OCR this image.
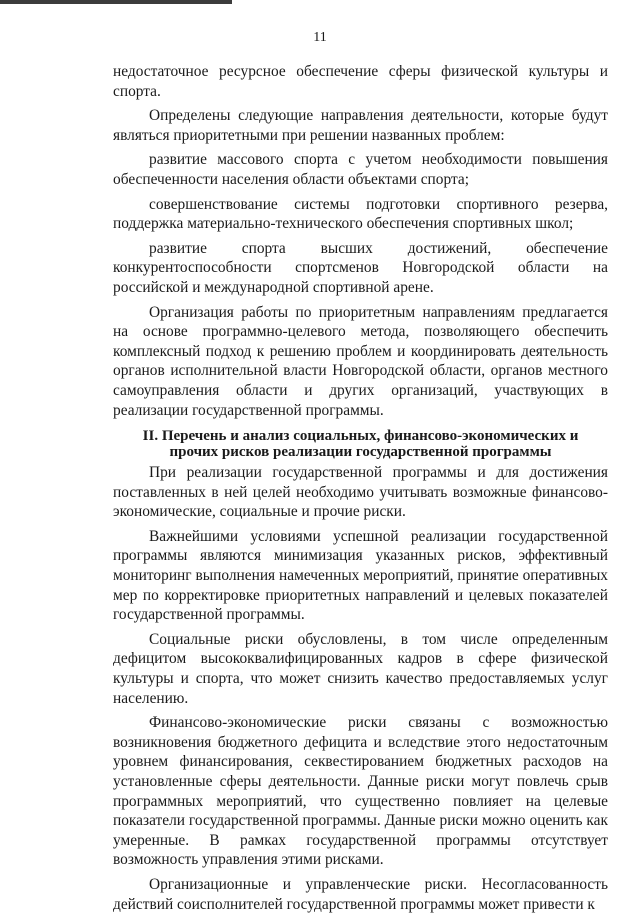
11

недостаточное ресурсное обеспечение сферы физической культуры и спорта.

Определены следующие направления деятельности, которые будут являться приоритетными при решении названных проблем:

развитие массового спорта с учетом необходимости повышения обеспеченности населения области объектами спорта;

совершенствование системы подготовки спортивного резерва, поддержка материально-технического обеспечения спортивных школ;

развитие спорта высших достижений, обеспечение конкурентоспособности спортсменов Новгородской области на российской и международной спортивной арене.

Организация работы по приоритетным направлениям предлагается на основе программно-целевого метода, позволяющего обеспечить комплексный подход к решению проблем и координировать деятельность органов исполнительной власти Новгородской области, органов местного самоуправления области и других организаций, участвующих в реализации государственной программы.

II. Перечень и анализ социальных, финансово-экономических и
прочих рисков реализации государственной программы

При реализации государственной программы и для достижения поставленных в ней целей необходимо учитывать возможные финансово-экономические, социальные и прочие риски.

Важнейшими условиями успешной реализации государственной программы являются минимизация указанных рисков, эффективный мониторинг выполнения намеченных мероприятий, принятие оперативных мер по корректировке приоритетных направлений и целевых показателей государственной программы.

Социальные риски обусловлены, в том числе определенным дефицитом высококвалифицированных кадров в сфере физической культуры и спорта, что может снизить качество предоставляемых услуг населению.

Финансово-экономические риски связаны с возможностью возникновения бюджетного дефицита и вследствие этого недостаточным уровнем финансирования, секвестированием бюджетных расходов на установленные сферы деятельности. Данные риски могут повлечь срыв программных мероприятий, что существенно повлияет на целевые показатели государственной программы. Данные риски можно оценить как умеренные. В рамках государственной программы отсутствует возможность управления этими рисками.

Организационные и управленческие риски. Несогласованность действий соисполнителей государственной программы может привести к
